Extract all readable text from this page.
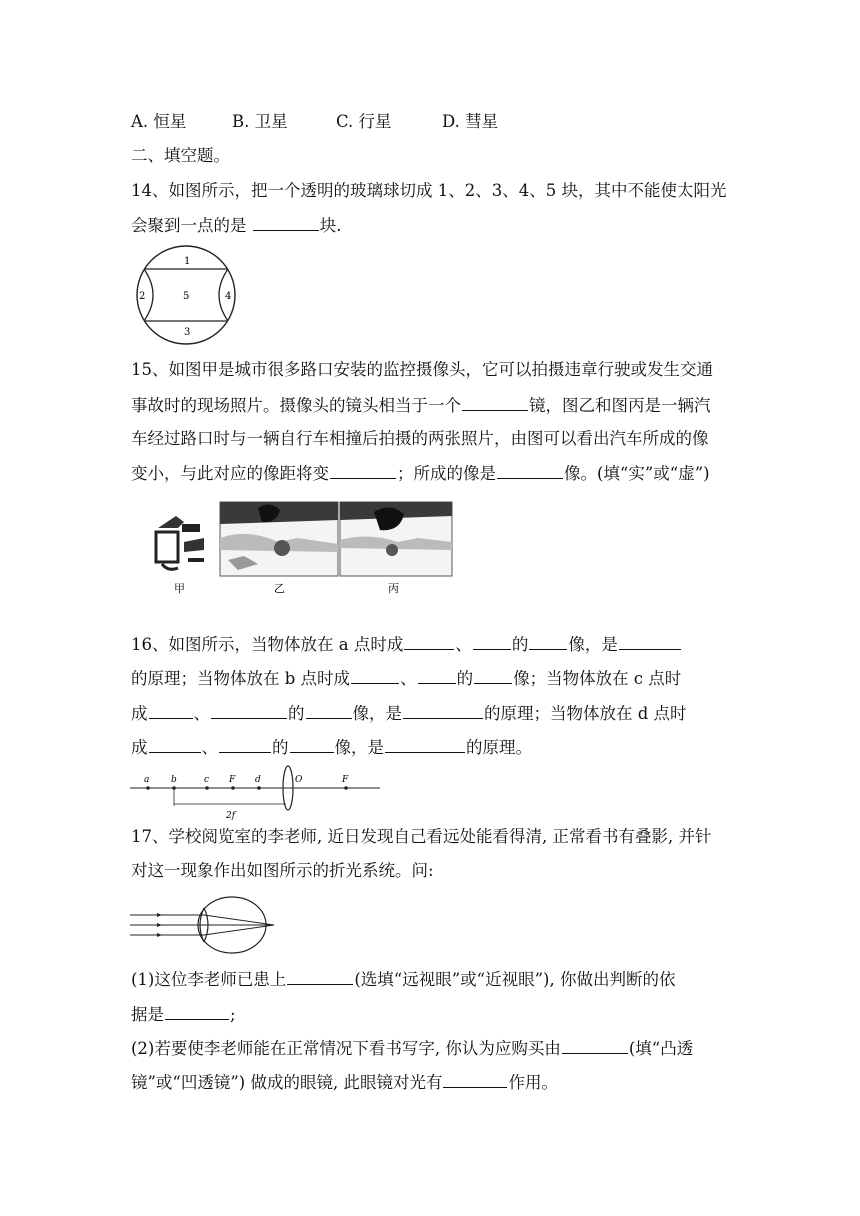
A. 恒星	B. 卫星	C. 行星	D. 彗星
二、填空题。
14、如图所示，把一个透明的玻璃球切成 1、2、3、4、5 块，其中不能使太阳光
会聚到一点的是	块.
1
2
3
4
5
15、如图甲是城市很多路口安装的监控摄像头，它可以拍摄违章行驶或发生交通
事故时的现场照片。摄像头的镜头相当于一个	镜，图乙和图丙是一辆汽
车经过路口时与一辆自行车相撞后拍摄的两张照片，由图可以看出汽车所成的像
变小，与此对应的像距将变	；所成的像是	像。(填“实”或“虚”)
甲	乙	丙
16、如图所示，当物体放在 a 点时成	、 的 像，是
的原理；当物体放在 b 点时成	、 的 像；当物体放在 c 点时
成	、	的	像，是	的原理；当物体放在 d 点时
成	、	的	像，是	的原理。
a b	c F d	O	F
2f
17、学校阅览室的李老师, 近日发现自己看远处能看得清, 正常看书有叠影, 并针
对这一现象作出如图所示的折光系统。问:
(1)这位李老师已患上	(选填“远视眼”或“近视眼”), 你做出判断的依
据是	;
(2)若要使李老师能在正常情况下看书写字, 你认为应购买由	(填“凸透
镜”或“凹透镜”) 做成的眼镜, 此眼镜对光有	作用。
